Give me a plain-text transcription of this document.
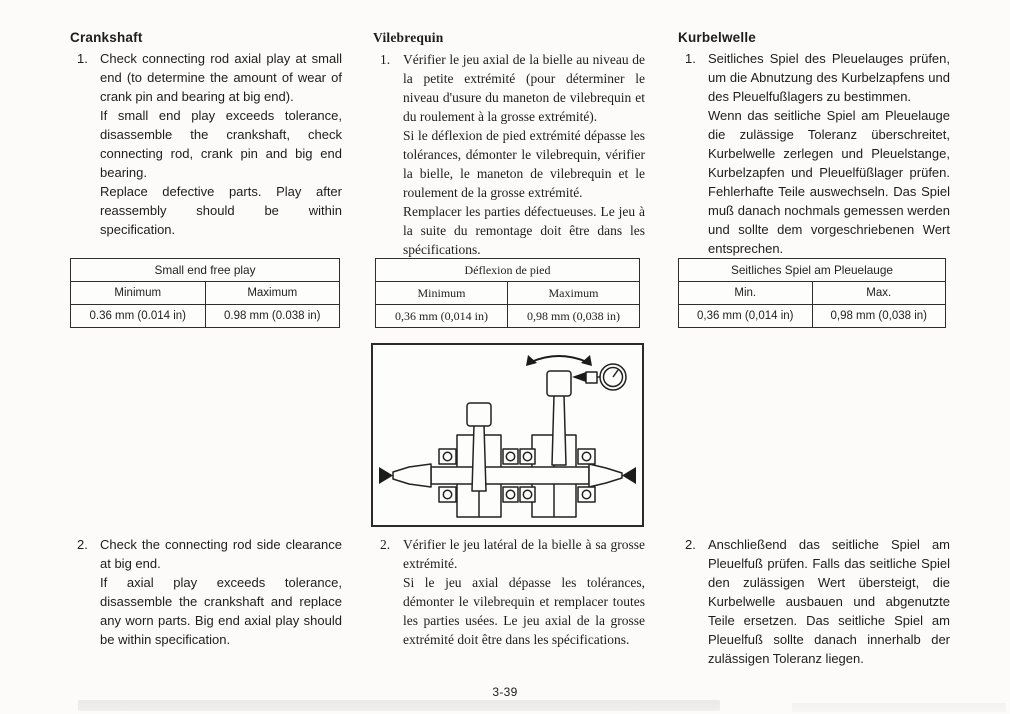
Crankshaft
1. Check connecting rod axial play at small end (to determine the amount of wear of crank pin and bearing at big end).

If small end play exceeds tolerance, disassemble the crankshaft, check connecting rod, crank pin and big end bearing.

Replace defective parts. Play after reassembly should be within specification.

Vilebrequin
1. Vérifier le jeu axial de la bielle au niveau de la petite extrémité (pour déterminer le niveau d'usure du maneton de vilebrequin et du roulement à la grosse extrémité).

Si le déflexion de pied extrémité dépasse les tolérances, démonter le vilebrequin, vérifier la bielle, le maneton de vilebrequin et le roulement de la grosse extrémité.

Remplacer les parties défectueuses. Le jeu à la suite du remontage doit être dans les spécifications.

Kurbelwelle
1. Seitliches Spiel des Pleuelauges prüfen, um die Abnutzung des Kurbelzapfens und des Pleuelfußlagers zu bestimmen.

Wenn das seitliche Spiel am Pleuelauge die zulässige Toleranz überschreitet, Kurbelwelle zerlegen und Pleuelstange, Kurbelzapfen und Pleuelfüßlager prüfen. Fehlerhafte Teile auswechseln. Das Spiel muß danach nochmals gemessen werden und sollte dem vorgeschriebenen Wert entsprechen.

Small end free play	
Minimum	Maximum
0.36 mm (0.014 in)	0.98 mm (0.038 in)
Déflexion de pied	
Minimum	Maximum
0,36 mm (0,014 in)	0,98 mm (0,038 in)
Seitliches Spiel am Pleuelauge	
Min.	Max.
0,36 mm (0,014 in)	0,98 mm (0,038 in)
2. Check the connecting rod side clearance at big end.

If axial play exceeds tolerance, disassemble the crankshaft and replace any worn parts. Big end axial play should be within specification.

2. Vérifier le jeu latéral de la bielle à sa grosse extrémité.

Si le jeu axial dépasse les tolérances, démonter le vilebrequin et remplacer toutes les parties usées. Le jeu axial de la grosse extrémité doit être dans les spécifications.

2. Anschließend das seitliche Spiel am Pleuelfuß prüfen. Falls das seitliche Spiel den zulässigen Wert übersteigt, die Kurbelwelle ausbauen und abgenutzte Teile ersetzen. Das seitliche Spiel am Pleuelfuß sollte danach innerhalb der zulässigen Toleranz liegen.

3-39
